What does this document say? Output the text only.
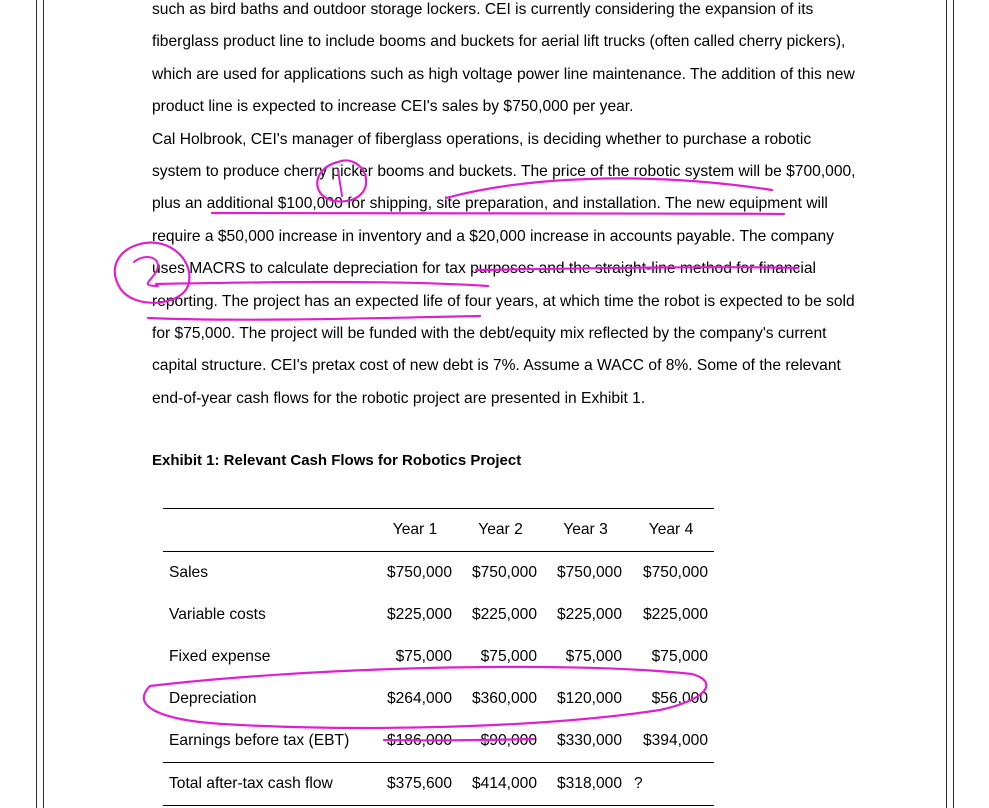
such as bird baths and outdoor storage lockers. CEI is currently considering the expansion of its fiberglass product line to include booms and buckets for aerial lift trucks (often called cherry pickers), which are used for applications such as high voltage power line maintenance. The addition of this new product line is expected to increase CEI's sales by $750,000 per year.

Cal Holbrook, CEI's manager of fiberglass operations, is deciding whether to purchase a robotic system to produce cherry picker booms and buckets. The price of the robotic system will be $700,000, plus an additional $100,000 for shipping, site preparation, and installation. The new equipment will require a $50,000 increase in inventory and a $20,000 increase in accounts payable. The company uses MACRS to calculate depreciation for tax purposes and the straight-line method for financial reporting. The project has an expected life of four years, at which time the robot is expected to be sold for $75,000. The project will be funded with the debt/equity mix reflected by the company's current capital structure. CEI's pretax cost of new debt is 7%. Assume a WACC of 8%. Some of the relevant end-of-year cash flows for the robotic project are presented in Exhibit 1.

Exhibit 1: Relevant Cash Flows for Robotics Project
	Year 1	Year 2	Year 3	Year 4
Sales	$750,000	$750,000	$750,000	$750,000
Variable costs	$225,000	$225,000	$225,000	$225,000
Fixed expense	$75,000	$75,000	$75,000	$75,000
Depreciation	$264,000	$360,000	$120,000	$56,000
Earnings before tax (EBT)	$186,000	$90,000	$330,000	$394,000
Total after-tax cash flow	$375,600	$414,000	$318,000	?
